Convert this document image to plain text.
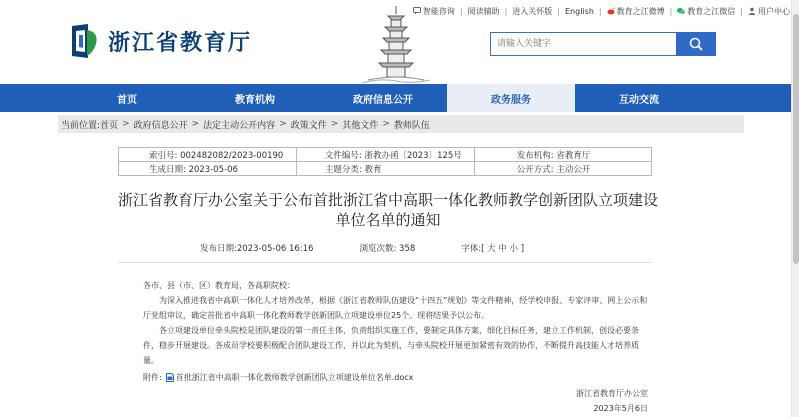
浙江省教育厅
请输入关键字
智能咨询 | 阅读辅助 | 进入关怀版 | English |	教育之江微博 |	教育之江微信 |	用户中心
首页	教育机构	政府信息公开	政务服务	互动交流
当前位置: 首页 > 政府信息公开 > 法定主动公开内容 > 政策文件 > 其他文件 > 教师队伍
索引号: 002482082/2023-00190	文件编号: 浙教办函〔2023〕125号	发布机构: 省教育厅
生成日期: 2023-05-06	主题分类: 教育	公开方式: 主动公开
浙江省教育厅办公室关于公布首批浙江省中高职一体化教师教学创新团队立项建设单位名单的通知
发布日期:2023-05-06 16:16	浏览次数: 358	字体:[ 大 中 小 ]

各市、县（市、区）教育局，各高职院校：

为深入推进我省中高职一体化人才培养改革，根据《浙江省教师队伍建设“十四五”规划》等文件精神，经学校申报、专家评审、网上公示和厅党组审议，确定首批省中高职一体化教师教学创新团队立项建设单位25个。现将结果予以公布。

各立项建设单位牵头院校是团队建设的第一责任主体，负责组织实施工作，要制定具体方案，细化目标任务，建立工作机制，创设必要条件，稳步开展建设。各成员学校要积极配合团队建设工作，并以此为契机，与牵头院校开展更加紧密有效的协作，不断提升高技能人才培养质量。

附件: 首批浙江省中高职一体化教师教学创新团队立项建设单位名单.docx
浙江省教育厅办公室
2023年5月6日
